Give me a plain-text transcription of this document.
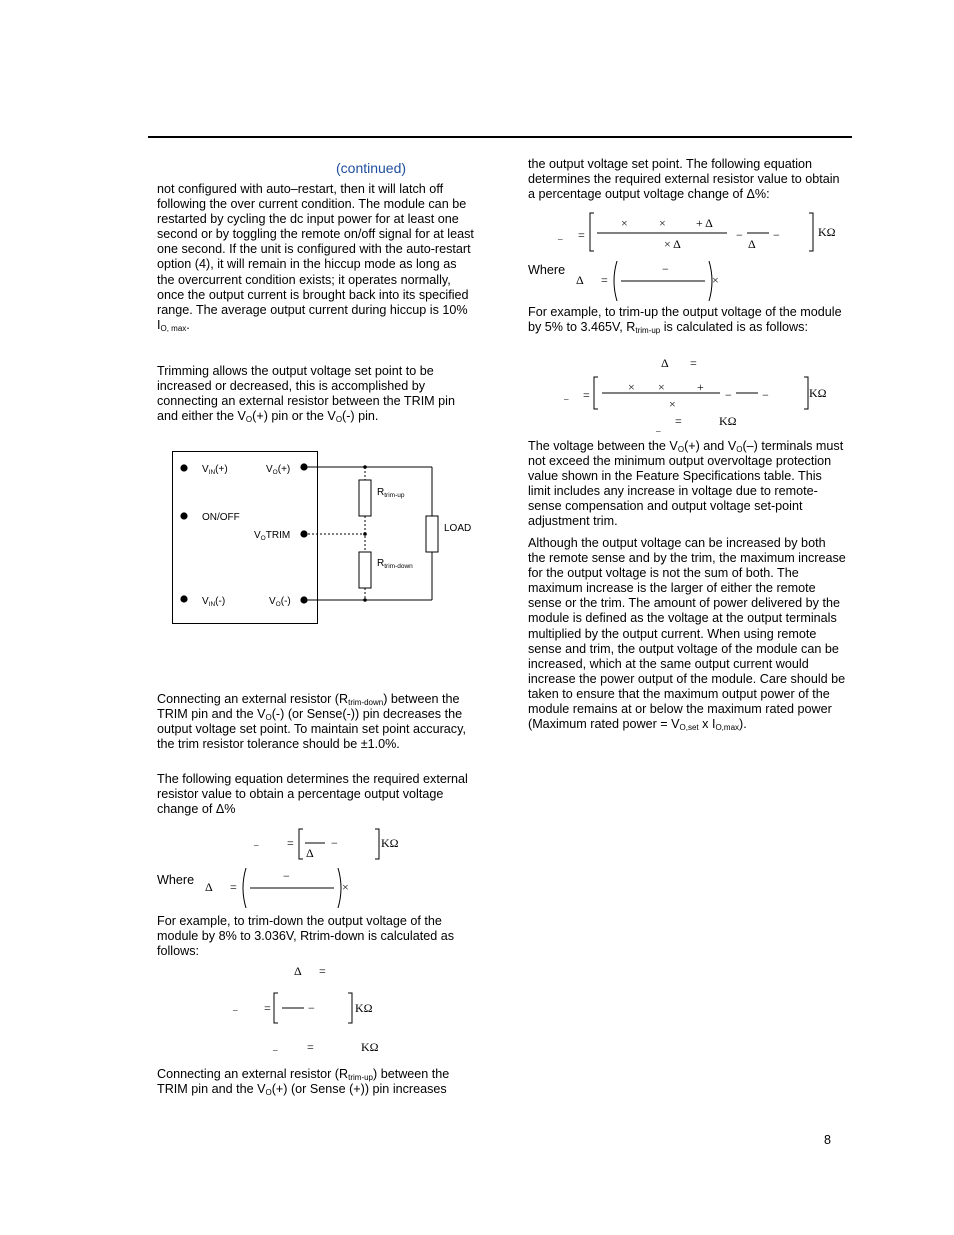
(continued)

not configured with auto–restart, then it will latch off following the over current condition. The module can be restarted by cycling the dc input power for at least one second or by toggling the remote on/off signal for at least one second. If the unit is configured with the auto-restart option (4), it will remain in the hiccup mode as long as the overcurrent condition exists; it operates normally, once the output current is brought back into its specified range. The average output current during hiccup is 10% $I_{O, max}$.

Trimming allows the output voltage set point to be increased or decreased, this is accomplished by connecting an external resistor between the TRIM pin and either the $V_O(+)$ pin or the $V_O(-)$ pin.

$V_{IN}(+)$
ON/OFF
$V_{IN}(-)$
$V_O(+)$
$V_OTRIM$
$V_O(-)$
$R_{trim-up}$
$R_{trim-down}$
LOAD

Connecting an external resistor $(R_{trim-down})$ between the TRIM pin and the $V_O(-)$ (or Sense(-)) pin decreases the output voltage set point. To maintain set point accuracy, the trim resistor tolerance should be ±1.0%.

The following equation determines the required external resistor value to obtain a percentage output voltage change of Δ%

_ =
Δ
−	KΩ
Where Δ =
−
×

For example, to trim-down the output voltage of the module by 8% to 3.036V, Rtrim-down is calculated as follows:

Δ =
_ =	−	KΩ
_ =	KΩ

Connecting an external resistor $(R_{trim-up})$ between the TRIM pin and the $V_O(+)$ (or Sense (+)) pin increases

the output voltage set point. The following equation determines the required external resistor value to obtain a percentage output voltage change of Δ%:

_ =
×	×	+ Δ
× Δ
−
Δ
−	KΩ
Where
Δ =
−
×

For example, to trim-up the output voltage of the module by 5% to 3.465V, $R_{trim-up}$ is calculated is as follows:

Δ =
_ =
× ×	+
×
−	−	KΩ
_ =	KΩ

The voltage between the $V_O(+)$ and $V_O(-)$ terminals must not exceed the minimum output overvoltage protection value shown in the Feature Specifications table. This limit includes any increase in voltage due to remote-sense compensation and output voltage set-point adjustment trim.

Although the output voltage can be increased by both the remote sense and by the trim, the maximum increase for the output voltage is not the sum of both. The maximum increase is the larger of either the remote sense or the trim. The amount of power delivered by the module is defined as the voltage at the output terminals multiplied by the output current. When using remote sense and trim, the output voltage of the module can be increased, which at the same output current would increase the power output of the module. Care should be taken to ensure that the maximum output power of the module remains at or below the maximum rated power (Maximum rated power = $V_{O,set}$ x $I_{O,max}$).

8
